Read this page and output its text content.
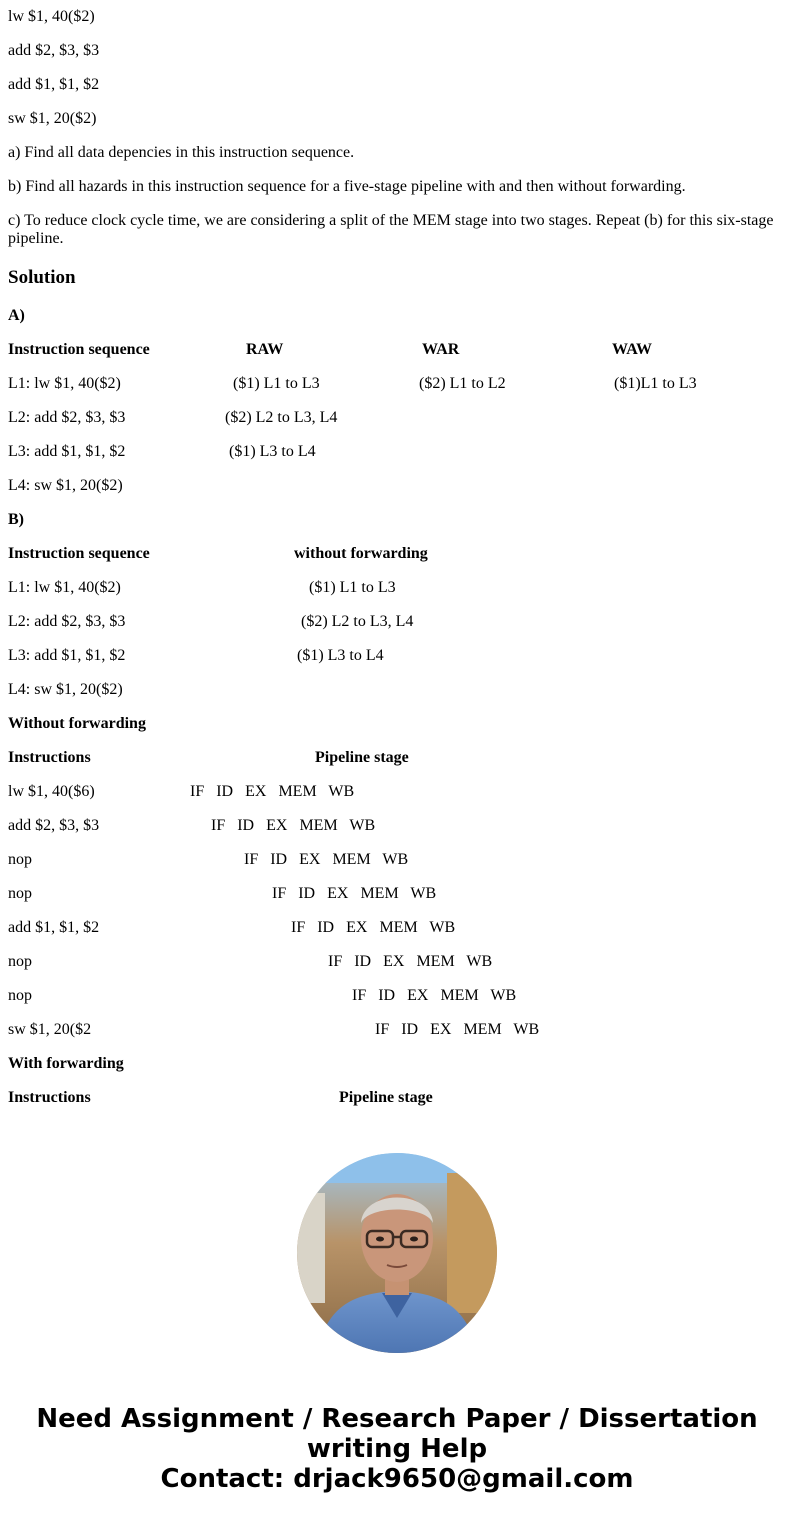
lw $1, 40($2)
add $2, $3, $3
add $1, $1, $2
sw $1, 20($2)
a) Find all data depencies in this instruction sequence.
b) Find all hazards in this instruction sequence for a five-stage pipeline with and then without forwarding.
c) To reduce clock cycle time, we are considering a split of the MEM stage into two stages. Repeat (b) for this six-stage pipeline.
Solution
A)
Instruction sequence	RAW	WAR	WAW
L1: lw $1, 40($2)	($1) L1 to L3	($2) L1 to L2	($1)L1 to L3
L2: add $2, $3, $3	($2) L2 to L3, L4
L3: add $1, $1, $2	($1) L3 to L4
L4: sw $1, 20($2)
B)
Instruction sequence	without forwarding
L1: lw $1, 40($2)	($1) L1 to L3
L2: add $2, $3, $3	($2) L2 to L3, L4
L3: add $1, $1, $2	($1) L3 to L4
L4: sw $1, 20($2)
Without forwarding
Instructions	Pipeline stage
lw $1, 40($6)	IF   ID   EX   MEM   WB
add $2, $3, $3	IF   ID   EX   MEM   WB
nop	IF   ID   EX   MEM   WB
nop	IF   ID   EX   MEM   WB
add $1, $1, $2	IF   ID   EX   MEM   WB
nop	IF   ID   EX   MEM   WB
nop	IF   ID   EX   MEM   WB
sw $1, 20($2	IF   ID   EX   MEM   WB
With forwarding
Instructions	Pipeline stage
Need Assignment / Research Paper / Dissertation
writing Help
Contact: drjack9650@gmail.com
